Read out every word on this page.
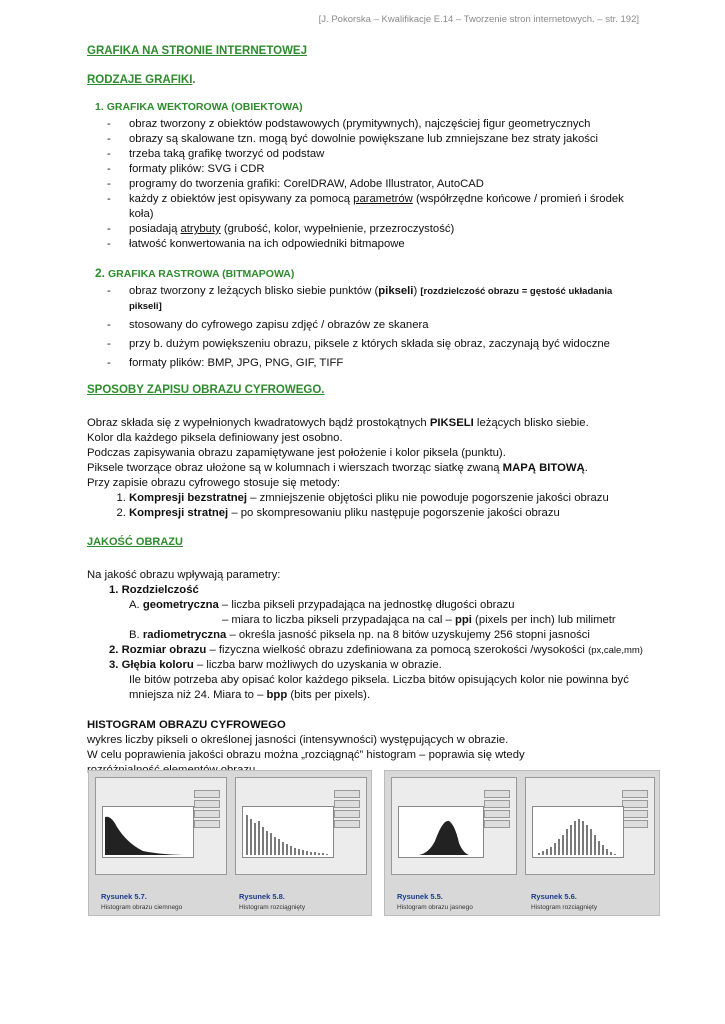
[J. Pokorska – Kwalifikacje E.14 – Tworzenie stron internetowych. – str. 192]
GRAFIKA NA STRONIE INTERNETOWEJ
RODZAJE GRAFIKI.
1. GRAFIKA WEKTOROWA (OBIEKTOWA)
- obraz tworzony z obiektów podstawowych (prymitywnych), najczęściej figur geometrycznych
- obrazy są skalowane tzn. mogą być dowolnie powiększane lub zmniejszane bez straty jakości
- trzeba taką grafikę tworzyć od podstaw
- formaty plików: SVG i CDR
- programy do tworzenia grafiki: CorelDRAW, Adobe Illustrator, AutoCAD
- każdy z obiektów jest opisywany za pomocą parametrów (współrzędne końcowe / promień i środek koła)
- posiadają atrybuty (grubość, kolor, wypełnienie, przezroczystość)
- łatwość konwertowania na ich odpowiedniki bitmapowe
2. GRAFIKA RASTROWA (BITMAPOWA)
- obraz tworzony z leżących blisko siebie punktów (pikseli) [rozdzielczość obrazu = gęstość układania pikseli]
- stosowany do cyfrowego zapisu zdjęć / obrazów ze skanera
- przy b. dużym powiększeniu obrazu, piksele z których składa się obraz, zaczynają być widoczne
- formaty plików: BMP, JPG, PNG, GIF, TIFF
SPOSOBY ZAPISU OBRAZU CYFROWEGO.

Obraz składa się z wypełnionych kwadratowych bądź prostokątnych PIKSELI leżących blisko siebie.

Kolor dla każdego piksela definiowany jest osobno.

Podczas zapisywania obrazu zapamiętywane jest położenie i kolor piksela (punktu).

Piksele tworzące obraz ułożone są w kolumnach i wierszach tworząc siatkę zwaną MAPĄ BITOWĄ.

Przy zapisie obrazu cyfrowego stosuje się metody:

1. Kompresji bezstratnej – zmniejszenie objętości pliku nie powoduje pogorszenie jakości obrazu
2. Kompresji stratnej – po skompresowaniu pliku następuje pogorszenie jakości obrazu
JAKOŚĆ OBRAZU

Na jakość obrazu wpływają parametry:

1. Rozdzielczość
A. geometryczna – liczba pikseli przypadająca na jednostkę długości obrazu
– miara to liczba pikseli przypadająca na cal – ppi (pixels per inch) lub milimetr
B. radiometryczna – określa jasność piksela np. na 8 bitów uzyskujemy 256 stopni jasności
2. Rozmiar obrazu – fizyczna wielkość obrazu zdefiniowana za pomocą szerokości /wysokości (px,cale,mm)
3. Głębia koloru – liczba barw możliwych do uzyskania w obrazie.
Ile bitów potrzeba aby opisać kolor każdego piksela. Liczba bitów opisujących kolor nie powinna być
mniejsza niż 24. Miara to – bpp (bits per pixels).
HISTOGRAM OBRAZU CYFROWEGO

wykres liczby pikseli o określonej jasności (intensywności) występujących w obrazie.

W celu poprawienia jakości obrazu można „rozciągnąć” histogram – poprawia się wtedy

Rysunek 5.7.
Histogram obrazu ciemnego
Rysunek 5.8.
Histogram rozciągnięty
Rysunek 5.5.
Histogram obrazu jasnego
Rysunek 5.6.
Histogram rozciągnięty
